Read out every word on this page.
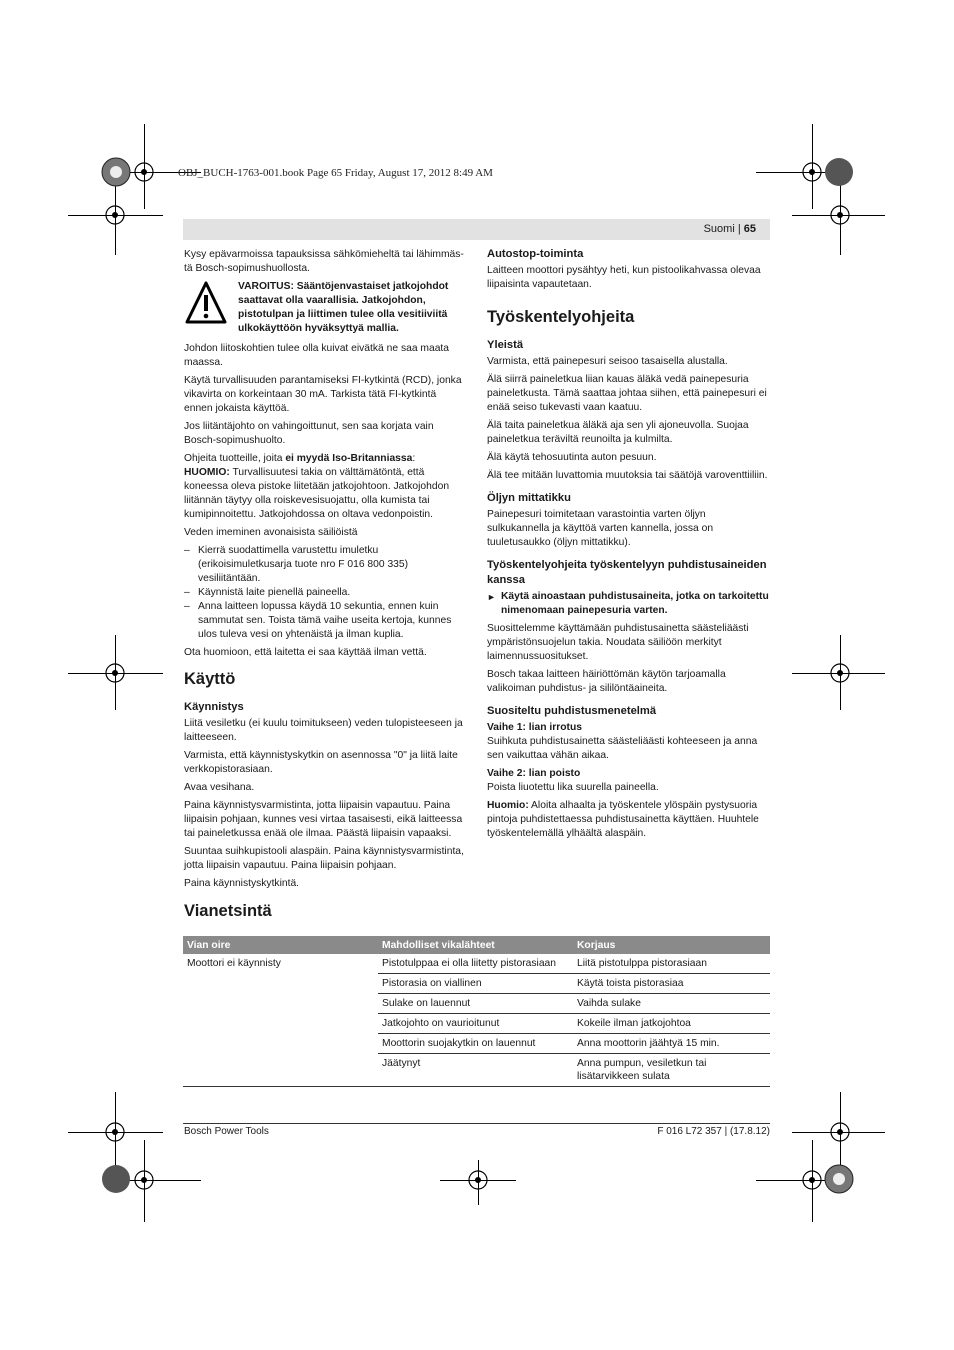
OBJ_BUCH-1763-001.book Page 65 Friday, August 17, 2012 8:49 AM
Suomi | 65

Kysy epävarmoissa tapauksissa sähkömieheltä tai lähimmäs-tä Bosch-sopimushuollosta.

VAROITUS: Sääntöjenvastaiset jatkojohdot saattavat olla vaarallisia. Jatkojohdon, pistotulpan ja liittimen tulee olla vesitiiviitä ulkokäyttöön hyväksyttyä mallia.

Johdon liitoskohtien tulee olla kuivat eivätkä ne saa maata maassa.

Käytä turvallisuuden parantamiseksi FI-kytkintä (RCD), jonka vikavirta on korkeintaan 30 mA. Tarkista tätä FI-kytkintä ennen jokaista käyttöä.

Jos liitäntäjohto on vahingoittunut, sen saa korjata vain Bosch-sopimushuolto.

Ohjeita tuotteille, joita ei myydä Iso-Britanniassa:

HUOMIO: Turvallisuutesi takia on välttämätöntä, että koneessa oleva pistoke liitetään jatkojohtoon. Jatkojohdon liitännän täytyy olla roiskevesisuojattu, olla kumista tai kumipinnoitettu. Jatkojohdossa on oltava vedonpoistin.

Veden imeminen avonaisista säiliöistä

– Kierrä suodattimella varustettu imuletku (erikoisimuletkusarja tuote nro F 016 800 335) vesiliitäntään.
– Käynnistä laite pienellä paineella.
– Anna laitteen lopussa käydä 10 sekuntia, ennen kuin sammutat sen. Toista tämä vaihe useita kertoja, kunnes ulos tuleva vesi on yhtenäistä ja ilman kuplia.

Ota huomioon, että laitetta ei saa käyttää ilman vettä.

Käyttö
Käynnistys

Liitä vesiletku (ei kuulu toimitukseen) veden tulopisteeseen ja laitteeseen.

Varmista, että käynnistyskytkin on asennossa "0" ja liitä laite verkkopistorasiaan.

Avaa vesihana.

Paina käynnistysvarmistinta, jotta liipaisin vapautuu. Paina liipaisin pohjaan, kunnes vesi virtaa tasaisesti, eikä laitteessa tai paineletkussa enää ole ilmaa. Päästä liipaisin vapaaksi.

Suuntaa suihkupistooli alaspäin. Paina käynnistysvarmistinta, jotta liipaisin vapautuu. Paina liipaisin pohjaan.

Paina käynnistyskytkintä.

Autostop-toiminta

Laitteen moottori pysähtyy heti, kun pistoolikahvassa olevaa liipaisinta vapautetaan.

Työskentelyohjeita
Yleistä

Varmista, että painepesuri seisoo tasaisella alustalla.

Älä siirrä paineletkua liian kauas äläkä vedä painepesuria paineletkusta. Tämä saattaa johtaa siihen, että painepesuri ei enää seiso tukevasti vaan kaatuu.

Älä taita paineletkua äläkä aja sen yli ajoneuvolla. Suojaa paineletkua teräviltä reunoilta ja kulmilta.

Älä käytä tehosuutinta auton pesuun.

Älä tee mitään luvattomia muutoksia tai säätöjä varoventtiiliin.

Öljyn mittatikku

Painepesuri toimitetaan varastointia varten öljyn sulkukannella ja käyttöä varten kannella, jossa on tuuletusaukko (öljyn mittatikku).

Työskentelyohjeita työskentelyyn puhdistusaineiden kanssa
► Käytä ainoastaan puhdistusaineita, jotka on tarkoitettu nimenomaan painepesuria varten.

Suosittelemme käyttämään puhdistusainetta säästeliäästi ympäristönsuojelun takia. Noudata säiliöön merkityt laimennussuositukset.

Bosch takaa laitteen häiriöttömän käytön tarjoamalla valikoiman puhdistus- ja sililöntäaineita.

Suositeltu puhdistusmenetelmä

Vaihe 1: lian irrotus

Suihkuta puhdistusainetta säästeliäästi kohteeseen ja anna sen vaikuttaa vähän aikaa.

Vaihe 2: lian poisto

Poista liuotettu lika suurella paineella.

Huomio: Aloita alhaalta ja työskentele ylöspäin pystysuoria pintoja puhdistettaessa puhdistusainetta käyttäen. Huuhtele työskentelemällä ylhäältä alaspäin.

Vianetsintä
Vian oire	Mahdolliset vikalähteet	Korjaus
Moottori ei käynnisty	Pistotulppaa ei olla liitetty pistorasiaan	Liitä pistotulppa pistorasiaan
	Pistorasia on viallinen	Käytä toista pistorasiaa
	Sulake on lauennut	Vaihda sulake
	Jatkojohto on vaurioitunut	Kokeile ilman jatkojohtoa
	Moottorin suojakytkin on lauennut	Anna moottorin jäähtyä 15 min.
	Jäätynyt	Anna pumpun, vesiletkun tai lisätarvikkeen sulata

Bosch Power Tools	F 016 L72 357 | (17.8.12)
